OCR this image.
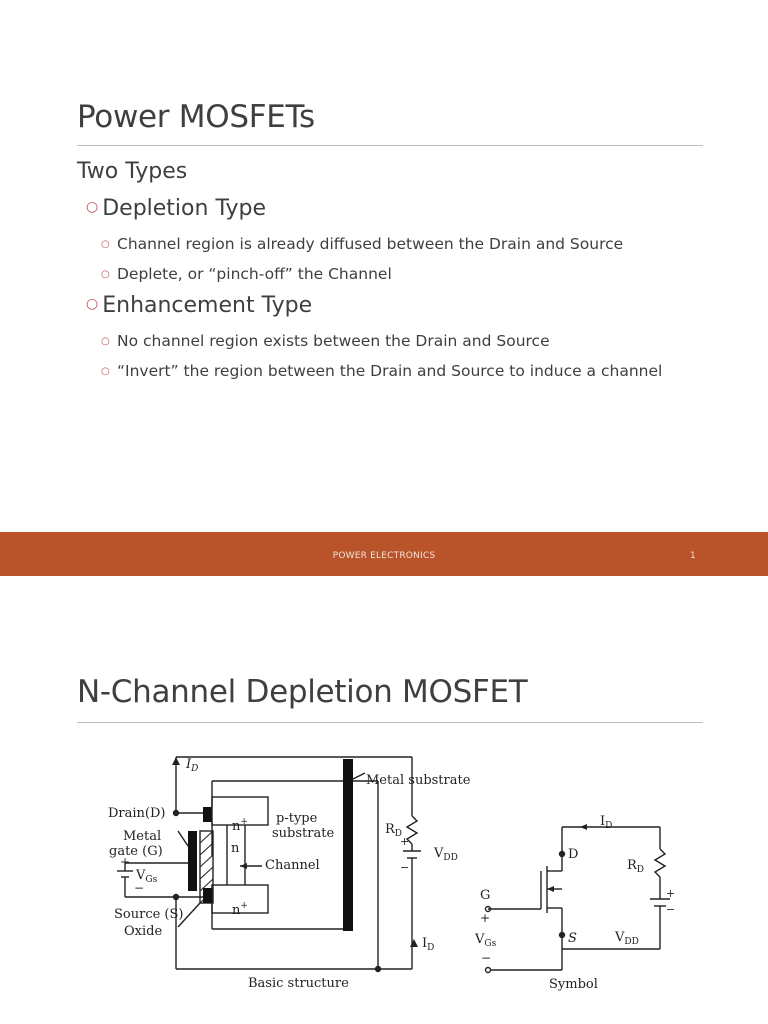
Power MOSFETs
Two Types
○ Depletion Type
○ Channel region is already diffused between the Drain and Source
○ Deplete, or “pinch-off” the Channel
○ Enhancement Type
○ No channel region exists between the Drain and Source
○ “Invert” the region between the Drain and Source to induce a channel
POWER ELECTRONICS	1
N-Channel Depletion MOSFET
$I_D$
Drain(D)
Metal
gate (G)
$V_{Gs}$
+
−
Source (S)
Oxide
n+
n+
n
p-type
substrate
Channel
Metal substrate
$R_D$
+
−
$V_{DD}$
$I_D$
Basic structure
$I_D$
D
G
S
$R_D$
+
$V_{Gs}$
−
$V_{DD}$
+
−
Symbol
